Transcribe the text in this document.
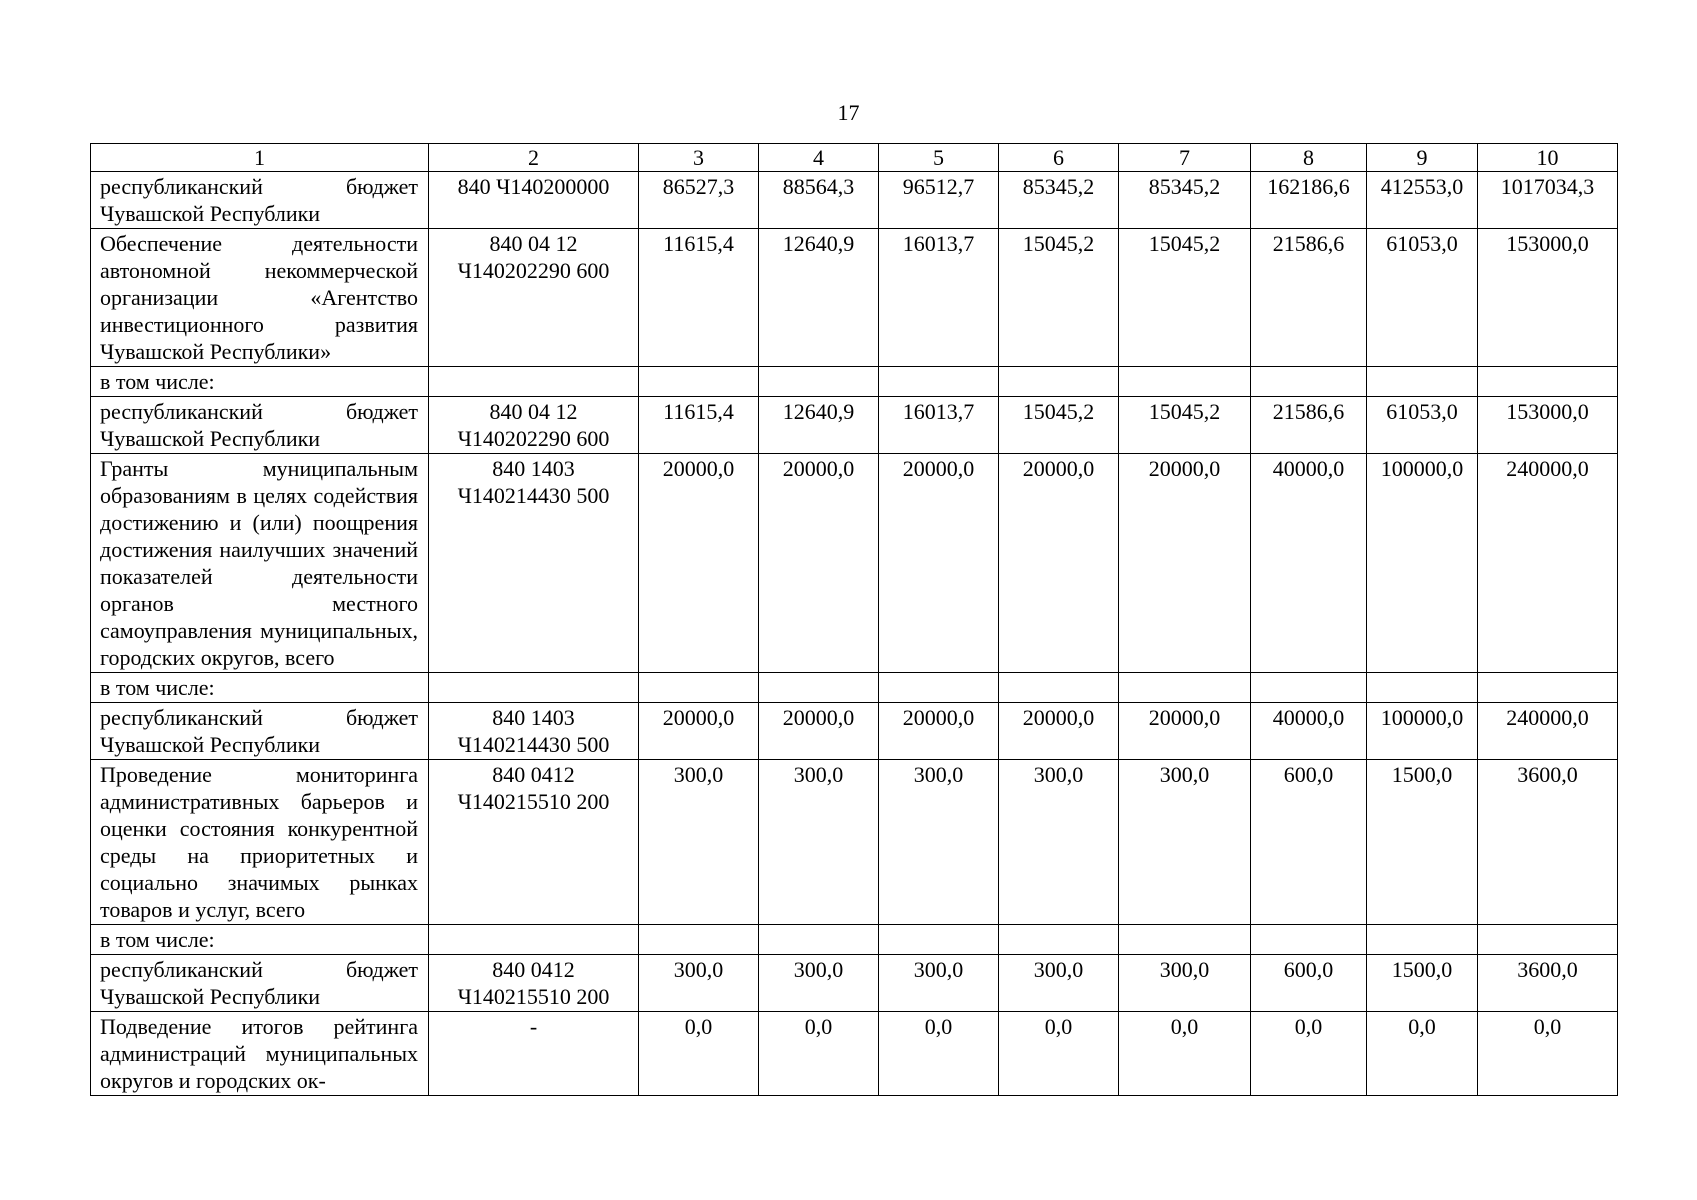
17
1	2	3	4	5	6	7	8	9	10
республиканский бюджет Чувашской Республики	840 Ч140200000	86527,3	88564,3	96512,7	85345,2	85345,2	162186,6	412553,0	1017034,3
Обеспечение деятельности автономной некоммерческой организации «Агентство инвестиционного развития Чувашской Республики»	840 04 12 Ч140202290 600	11615,4	12640,9	16013,7	15045,2	15045,2	21586,6	61053,0	153000,0
в том числе:									
республиканский бюджет Чувашской Республики	840 04 12 Ч140202290 600	11615,4	12640,9	16013,7	15045,2	15045,2	21586,6	61053,0	153000,0
Гранты муниципальным образованиям в целях содействия достижению и (или) поощрения достижения наилучших значений показателей деятельности органов местного самоуправления муниципальных, городских округов, всего	840 1403 Ч140214430 500	20000,0	20000,0	20000,0	20000,0	20000,0	40000,0	100000,0	240000,0
в том числе:									
республиканский бюджет Чувашской Республики	840 1403 Ч140214430 500	20000,0	20000,0	20000,0	20000,0	20000,0	40000,0	100000,0	240000,0
Проведение мониторинга административных барьеров и оценки состояния конкурентной среды на приоритетных и социально значимых рынках товаров и услуг, всего	840 0412 Ч140215510 200	300,0	300,0	300,0	300,0	300,0	600,0	1500,0	3600,0
в том числе:									
республиканский бюджет Чувашской Республики	840 0412 Ч140215510 200	300,0	300,0	300,0	300,0	300,0	600,0	1500,0	3600,0
Подведение итогов рейтинга администраций муниципальных округов и городских ок-	-	0,0	0,0	0,0	0,0	0,0	0,0	0,0	0,0
